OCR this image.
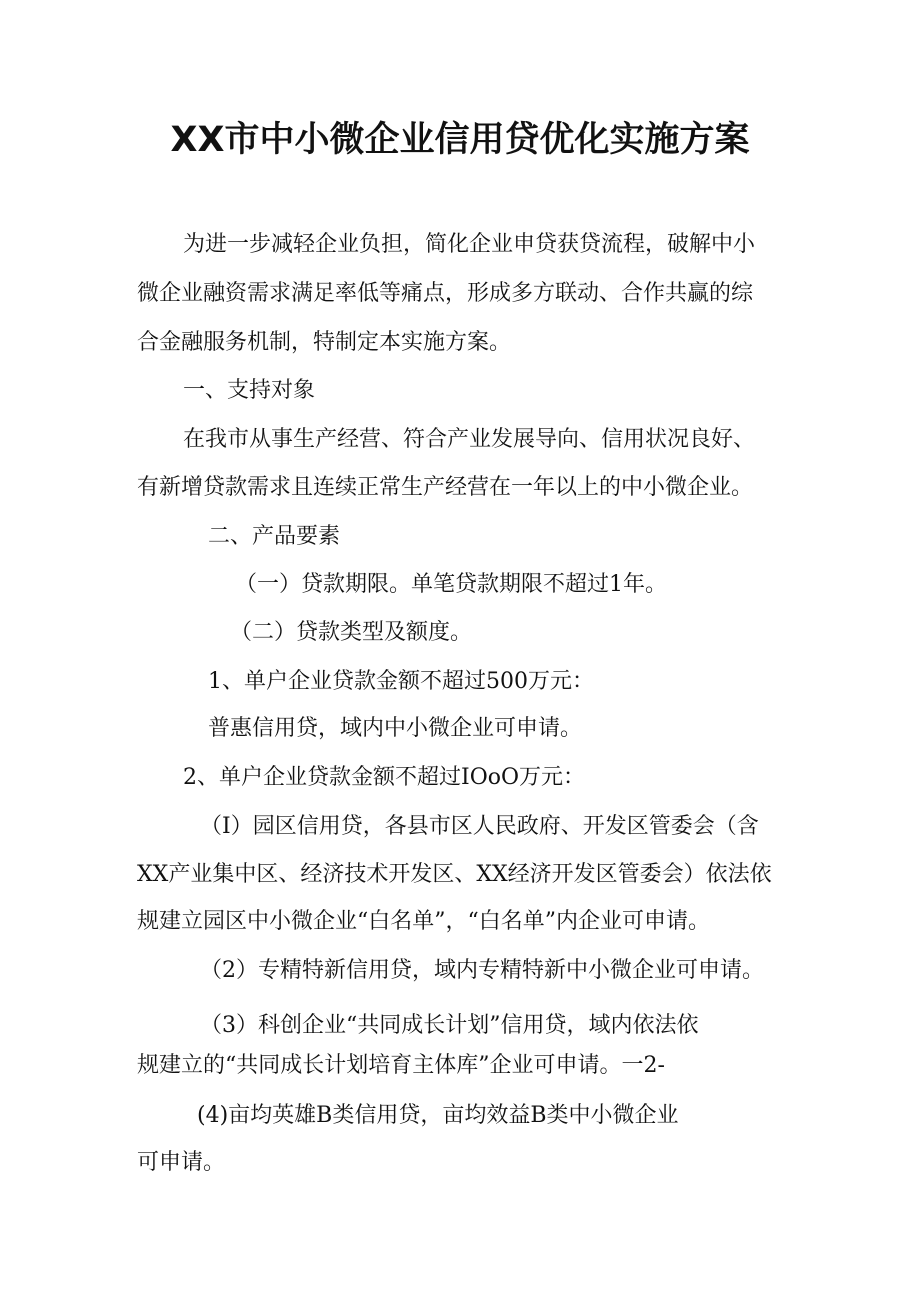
XX市中小微企业信用贷优化实施方案
为进一步减轻企业负担，简化企业申贷获贷流程，破解中小
微企业融资需求满足率低等痛点，形成多方联动、合作共赢的综
合金融服务机制，特制定本实施方案。
一、支持对象
在我市从事生产经营、符合产业发展导向、信用状况良好、
有新增贷款需求且连续正常生产经营在一年以上的中小微企业。
二、产品要素
（一）贷款期限。单笔贷款期限不超过1年。
（二）贷款类型及额度。
1、单户企业贷款金额不超过500万元：
普惠信用贷，域内中小微企业可申请。
2、单户企业贷款金额不超过IOoO万元：
（I）园区信用贷，各县市区人民政府、开发区管委会（含
XX产业集中区、经济技术开发区、XX经济开发区管委会）依法依
规建立园区中小微企业“白名单”，“白名单”内企业可申请。
（2）专精特新信用贷，域内专精特新中小微企业可申请。
（3）科创企业“共同成长计划”信用贷，域内依法依
规建立的“共同成长计划培育主体库”企业可申请。一2-
(4)亩均英雄B类信用贷，亩均效益B类中小微企业
可申请。
